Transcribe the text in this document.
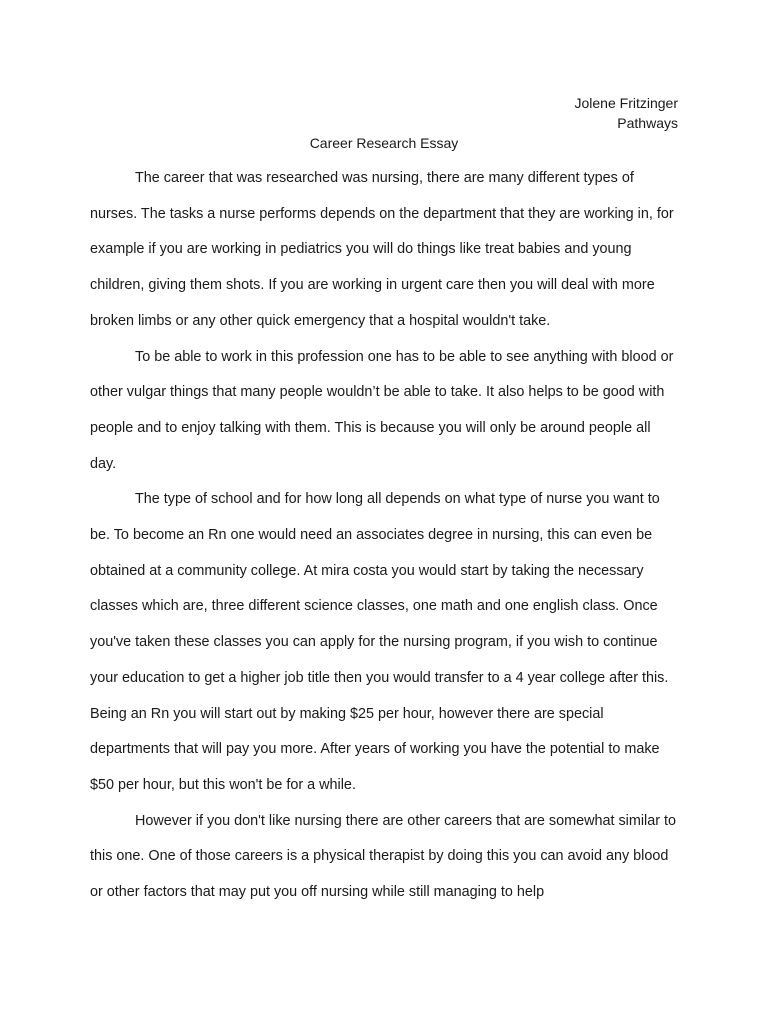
Jolene Fritzinger
Pathways
Career Research Essay

The career that was researched was nursing, there are many different types of nurses. The tasks a nurse performs depends on the department that they are working in, for example if you are working in pediatrics you will do things like treat babies and young children, giving them shots. If you are working in urgent care then you will deal with more broken limbs or any other quick emergency that a hospital wouldn't take.

To be able to work in this profession one has to be able to see anything with blood or other vulgar things that many people wouldn’t be able to take. It also helps to be good with people and to enjoy talking with them. This is because you will only be around people all day.

The type of school and for how long all depends on what type of nurse you want to be. To become an Rn one would need an associates degree in nursing, this can even be obtained at a community college. At mira costa you would start by taking the necessary classes which are, three different science classes, one math and one english class. Once you've taken these classes you can apply for the nursing program, if you wish to continue your education to get a higher job title then you would transfer to a 4 year college after this. Being an Rn you will start out by making $25 per hour, however there are special departments that will pay you more. After years of working you have the potential to make $50 per hour, but this won't be for a while.

However if you don't like nursing there are other careers that are somewhat similar to this one. One of those careers is a physical therapist by doing this you can avoid any blood or other factors that may put you off nursing while still managing to help
